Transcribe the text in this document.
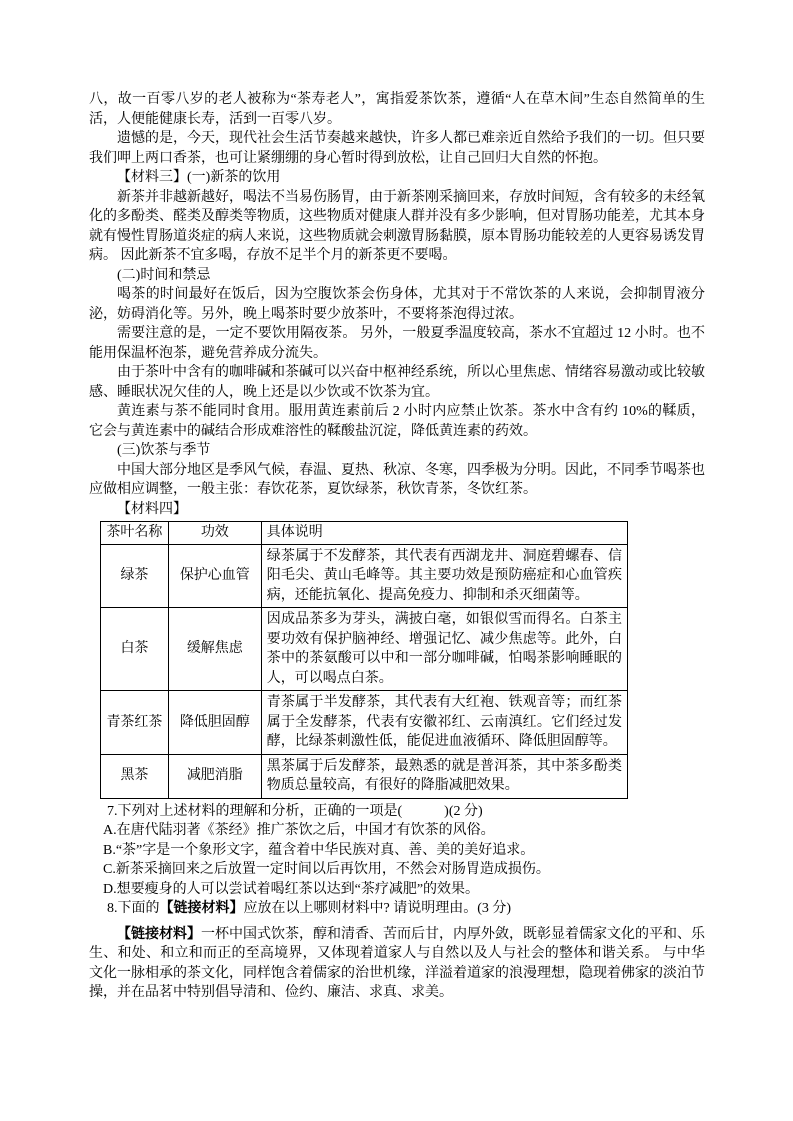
八，故一百零八岁的老人被称为“茶寿老人”，寓指爱茶饮茶，遵循“人在草木间”生态自然简单的生活，人便能健康长寿，活到一百零八岁。

遗憾的是，今天，现代社会生活节奏越来越快，许多人都已难亲近自然给予我们的一切。但只要我们呷上两口香茶，也可让紧绷绷的身心暂时得到放松，让自己回归大自然的怀抱。

【材料三】(一)新茶的饮用

新茶并非越新越好，喝法不当易伤肠胃，由于新茶刚采摘回来，存放时间短，含有较多的未经氧化的多酚类、醛类及醇类等物质，这些物质对健康人群并没有多少影响，但对胃肠功能差，尤其本身就有慢性胃肠道炎症的病人来说，这些物质就会刺激胃肠黏膜，原本胃肠功能较差的人更容易诱发胃病。 因此新茶不宜多喝，存放不足半个月的新茶更不要喝。

(二)时间和禁忌

喝茶的时间最好在饭后，因为空腹饮茶会伤身体，尤其对于不常饮茶的人来说，会抑制胃液分泌，妨碍消化等。另外，晚上喝茶时要少放茶叶，不要将茶泡得过浓。

需要注意的是，一定不要饮用隔夜茶。 另外，一般夏季温度较高，茶水不宜超过 12 小时。也不能用保温杯泡茶，避免营养成分流失。

由于茶叶中含有的咖啡碱和茶碱可以兴奋中枢神经系统，所以心里焦虑、情绪容易激动或比较敏感、睡眠状况欠佳的人，晚上还是以少饮或不饮茶为宜。

黄连素与茶不能同时食用。服用黄连素前后 2 小时内应禁止饮茶。茶水中含有约 10%的鞣质，它会与黄连素中的碱结合形成难溶性的鞣酸盐沉淀，降低黄连素的药效。

(三)饮茶与季节

中国大部分地区是季风气候，春温、夏热、秋凉、冬寒，四季极为分明。因此，不同季节喝茶也应做相应调整，一般主张：春饮花茶，夏饮绿茶，秋饮青茶，冬饮红茶。

【材料四】

茶叶名称	功效	具体说明
绿茶	保护心血管	绿茶属于不发酵茶，其代表有西湖龙井、洞庭碧螺春、信阳毛尖、黄山毛峰等。其主要功效是预防癌症和心血管疾病，还能抗氧化、提高免疫力、抑制和杀灭细菌等。
白茶	缓解焦虑	因成品茶多为芽头，满披白毫，如银似雪而得名。白茶主要功效有保护脑神经、增强记忆、减少焦虑等。此外，白茶中的茶氨酸可以中和一部分咖啡碱，怕喝茶影响睡眠的人，可以喝点白茶。
青茶红茶	降低胆固醇	青茶属于半发酵茶，其代表有大红袍、铁观音等；而红茶属于全发酵茶，代表有安徽祁红、云南滇红。它们经过发酵，比绿茶刺激性低，能促进血液循环、降低胆固醇等。
黑茶	减肥消脂	黑茶属于后发酵茶，最熟悉的就是普洱茶，其中茶多酚类物质总量较高，有很好的降脂减肥效果。

7.下列对上述材料的理解和分析，正确的一项是(　　　)(2 分)

A.在唐代陆羽著《茶经》推广茶饮之后，中国才有饮茶的风俗。

B.“茶”字是一个象形文字，蕴含着中华民族对真、善、美的美好追求。

C.新茶采摘回来之后放置一定时间以后再饮用，不然会对肠胃造成损伤。

D.想要瘦身的人可以尝试着喝红茶以达到“茶疗减肥”的效果。

8.下面的【链接材料】应放在以上哪则材料中? 请说明理由。(3 分)

【链接材料】一杯中国式饮茶，醇和清香、苦而后甘，内厚外敛，既彰显着儒家文化的平和、乐生、和处、和立和而正的至高境界，又体现着道家人与自然以及人与社会的整体和谐关系。 与中华文化一脉相承的茶文化，同样饱含着儒家的治世机缘，洋溢着道家的浪漫理想，隐现着佛家的淡泊节操，并在品茗中特别倡导清和、俭约、廉洁、求真、求美。
